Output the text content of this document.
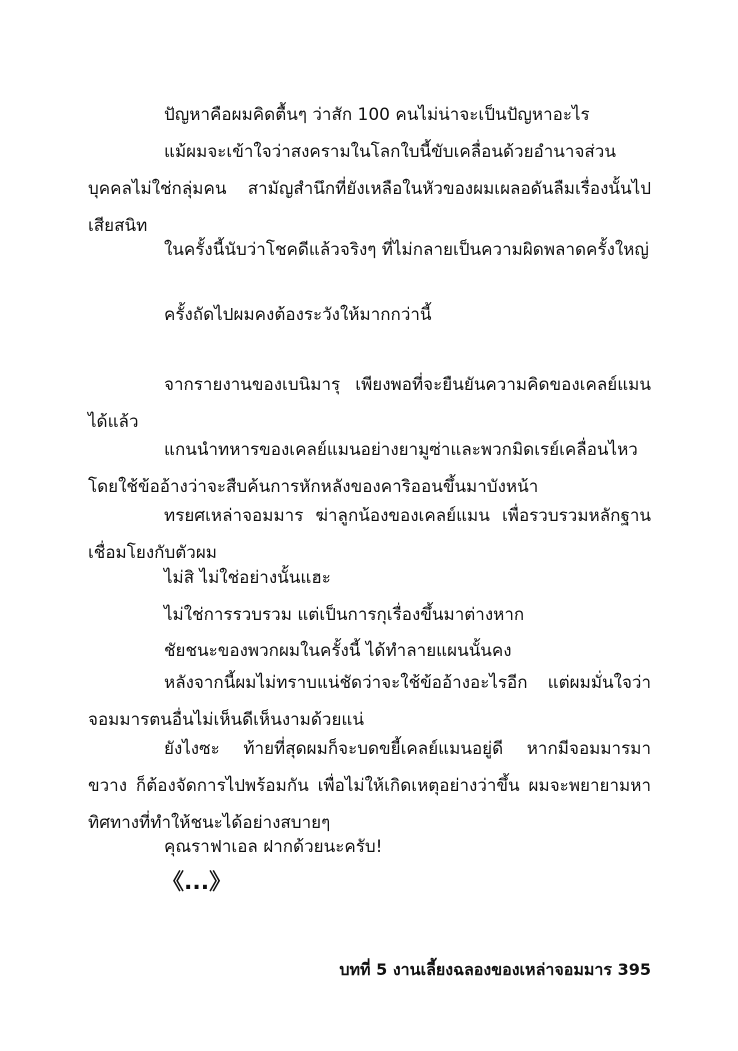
ปัญหาคือผมคิดตื้นๆ ว่าสัก 100 คนไม่น่าจะเป็นปัญหาอะไร

แม้ผมจะเข้าใจว่าสงครามในโลกใบนี้ขับเคลื่อนด้วยอำนาจส่วนบุคคลไม่ใช่กลุ่มคน สามัญสำนึกที่ยังเหลือในหัวของผมเผลอดันลืมเรื่องนั้นไปเสียสนิท

ในครั้งนี้นับว่าโชคดีแล้วจริงๆ ที่ไม่กลายเป็นความผิดพลาดครั้งใหญ่

ครั้งถัดไปผมคงต้องระวังให้มากกว่านี้

จากรายงานของเบนิมารุ เพียงพอที่จะยืนยันความคิดของเคลย์แมนได้แล้ว

แกนนำทหารของเคลย์แมนอย่างยามูซ่าและพวกมิดเรย์เคลื่อนไหวโดยใช้ข้ออ้างว่าจะสืบค้นการหักหลังของคาริออนขึ้นมาบังหน้า

ทรยศเหล่าจอมมาร ฆ่าลูกน้องของเคลย์แมน เพื่อรวบรวมหลักฐานเชื่อมโยงกับตัวผม

ไม่สิ ไม่ใช่อย่างนั้นแฮะ

ไม่ใช่การรวบรวม แต่เป็นการกุเรื่องขึ้นมาต่างหาก

ชัยชนะของพวกผมในครั้งนี้ ได้ทำลายแผนนั้นคง

หลังจากนี้ผมไม่ทราบแน่ชัดว่าจะใช้ข้ออ้างอะไรอีก แต่ผมมั่นใจว่าจอมมารตนอื่นไม่เห็นดีเห็นงามด้วยแน่

ยังไงซะ ท้ายที่สุดผมก็จะบดขยี้เคลย์แมนอยู่ดี หากมีจอมมารมาขวาง ก็ต้องจัดการไปพร้อมกัน เพื่อไม่ให้เกิดเหตุอย่างว่าขึ้น ผมจะพยายามหาทิศทางที่ทำให้ชนะได้อย่างสบายๆ

คุณราฟาเอล ฝากด้วยนะครับ!

《...》
บทที่ 5 งานเลี้ยงฉลองของเหล่าจอมมาร 395
